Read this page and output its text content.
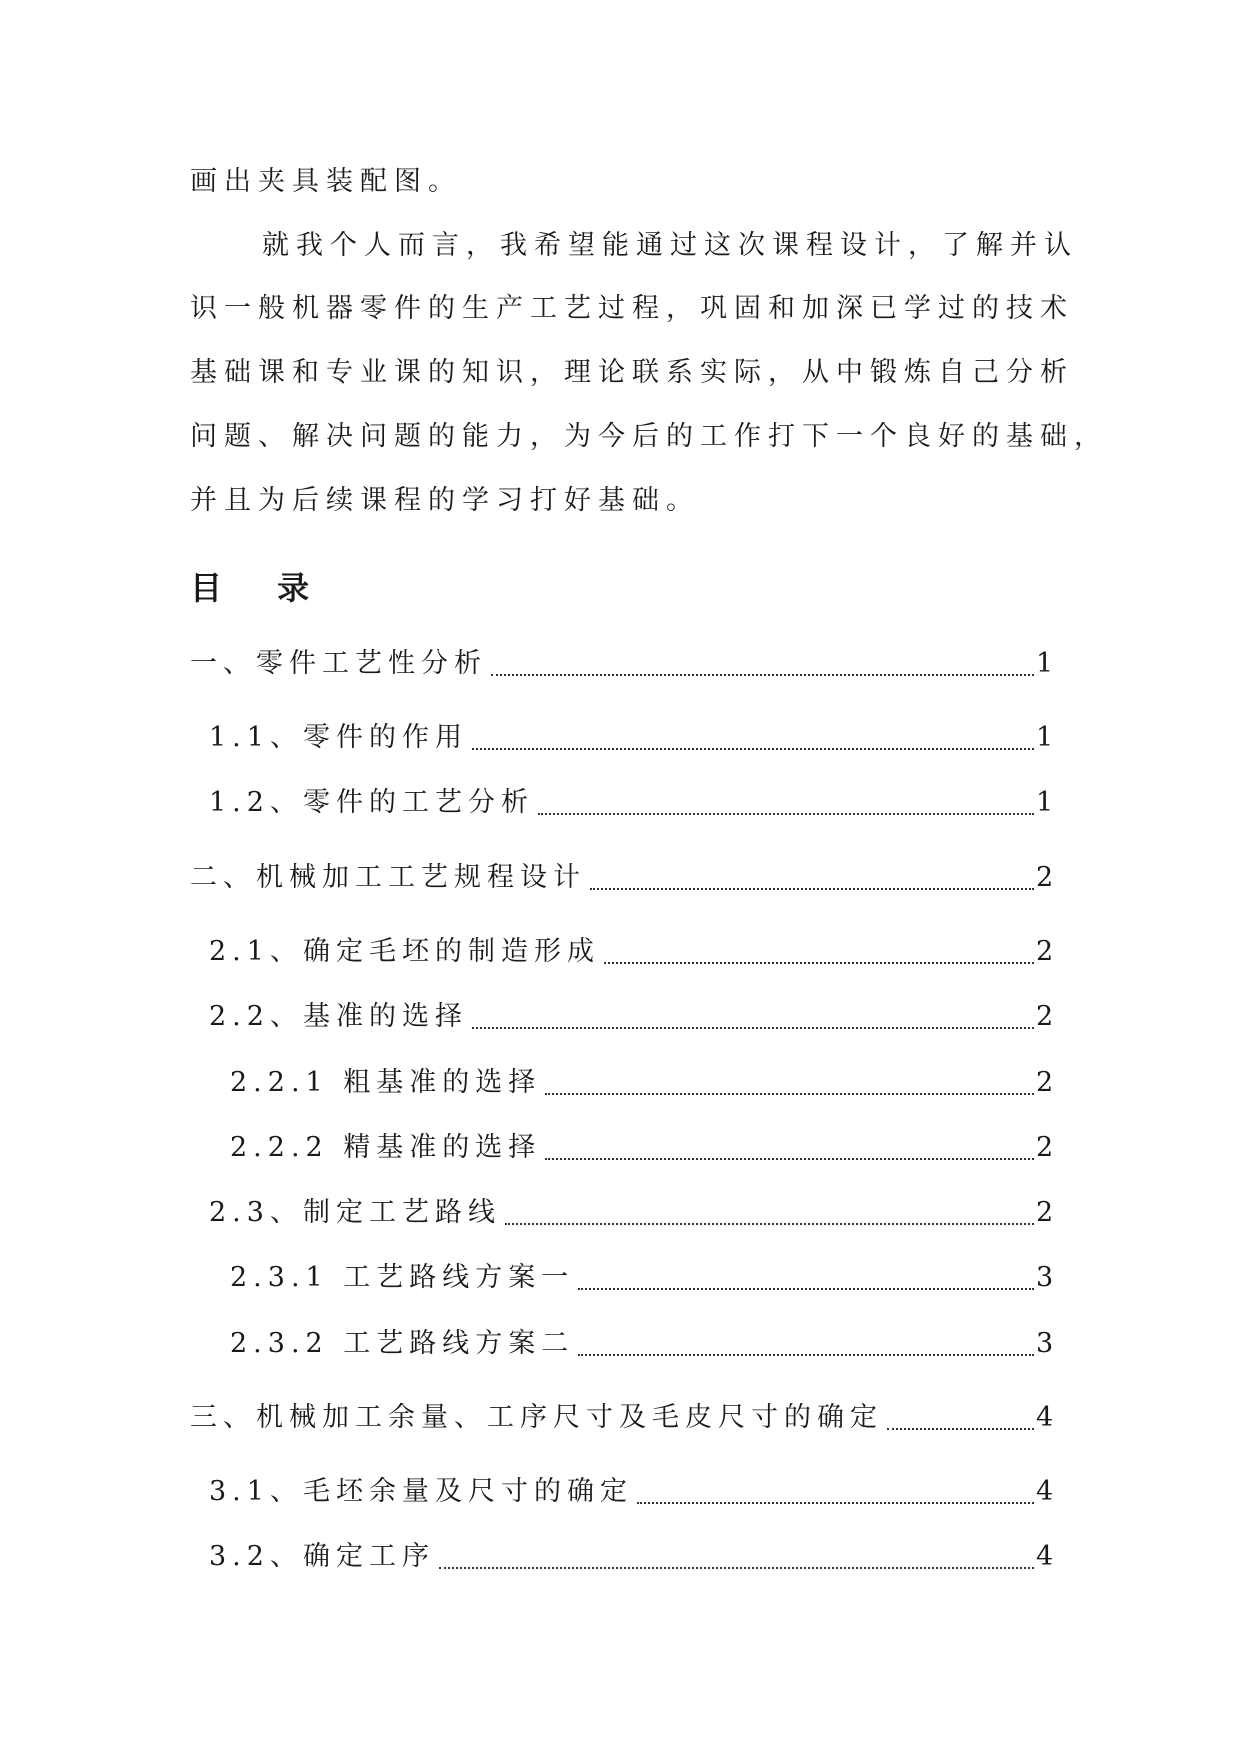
画出夹具装配图。
就我个人而言，我希望能通过这次课程设计，了解并认
识一般机器零件的生产工艺过程，巩固和加深已学过的技术
基础课和专业课的知识，理论联系实际，从中锻炼自己分析
问题、解决问题的能力，为今后的工作打下一个良好的基础，
并且为后续课程的学习打好基础。
目 录
一、零件工艺性分析	1
1.1、零件的作用	1
1.2、零件的工艺分析	1
二、机械加工工艺规程设计	2
2.1、确定毛坯的制造形成	2
2.2、基准的选择	2
2.2.1 粗基准的选择	2
2.2.2 精基准的选择	2
2.3、制定工艺路线	2
2.3.1 工艺路线方案一	3
2.3.2 工艺路线方案二	3
三、机械加工余量、工序尺寸及毛皮尺寸的确定	4
3.1、毛坯余量及尺寸的确定	4
3.2、确定工序	4
